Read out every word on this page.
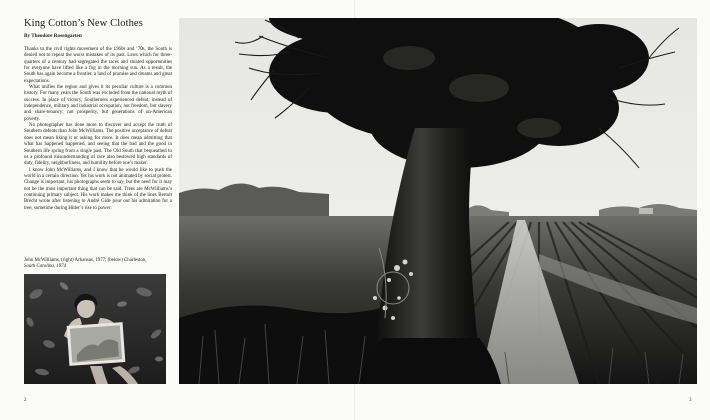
King Cotton’s New Clothes
By Theodore Rosengarten

Thanks to the civil rights movement of the 1960s and ’70s, the South is denied not to repeat the worst mistakes of its past. Laws which for three-quarters of a century had segregated the races and stunted opportunities for everyone have lifted like a fog in the morning sun. As a result, the South has again become a frontier, a land of promise and dreams and great expectations.

What unifies the region and gives it its peculiar culture is a common history. For many years the South was excluded from the national myth of success. In place of victory, Southerners experienced defeat; instead of independence, military and industrial occupation; not freedom, but slavery and share-tenancy; not prosperity, but generations of un-American poverty.

No photographer has done more to discover and accept the truth of Southern defeats than John McWilliams. The positive acceptance of defeat does not mean liking it or asking for more. It does mean admitting that what has happened happened, and seeing that the bad and the good in Southern life spring from a single past. The Old South that bequeathed to us a profound misunderstanding of race also bestowed high standards of duty, fidelity, neighborliness, and humility before one’s maker.

I know John McWilliams, and I know that he would like to push the world in a certain direction. Yet his work is not animated by social protest. Change is important, his photographs seem to say, but the need for it may not be the most important thing that can be said. Trees are McWilliams’s continuing primary subject. His work makes me think of the lines Bertolt Brecht wrote after listening to André Gide pour out his admiration for a tree, sometime during Hitler’s rise to power:

John McWilliams, (right) Arkansas, 1977; (below) Charleston,
South Carolina, 1974
2	3
